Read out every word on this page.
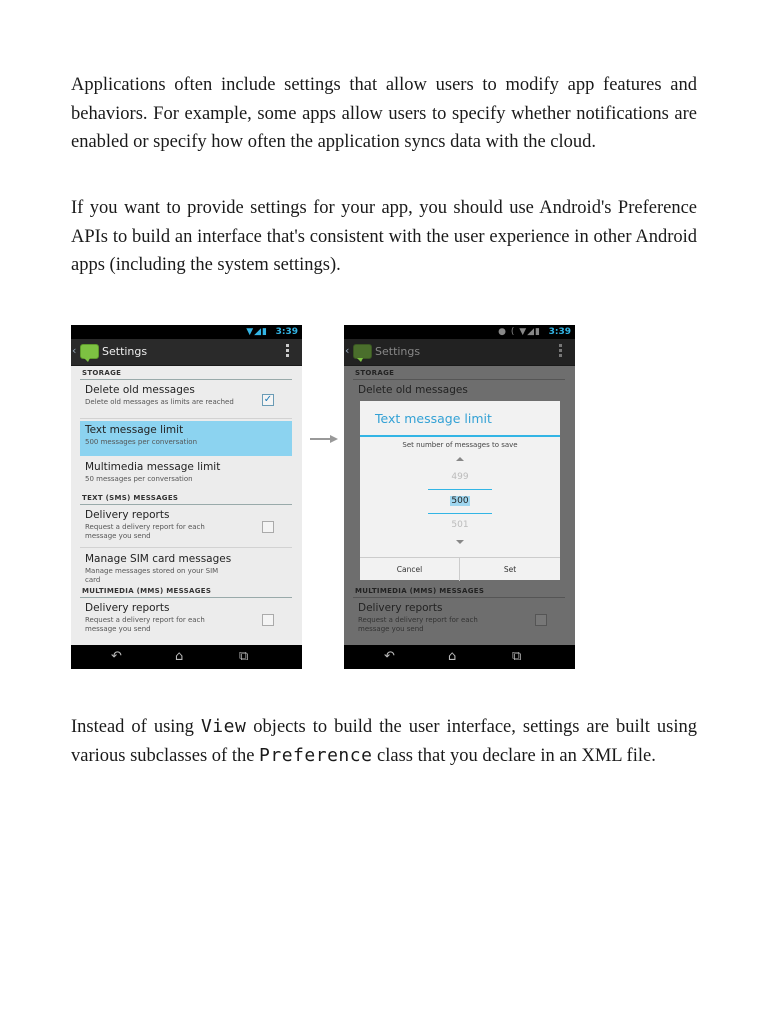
Applications often include settings that allow users to modify app features and behaviors. For example, some apps allow users to specify whether notifications are enabled or specify how often the application syncs data with the cloud.

If you want to provide settings for your app, you should use Android's Preference APIs to build an interface that's consistent with the user experience in other Android apps (including the system settings).

▼◢▮ 3:39
‹ Settings
STORAGE
Delete old messages
Delete old messages as limits are reached	✓
Text message limit
500 messages per conversation
Multimedia message limit
50 messages per conversation
TEXT (SMS) MESSAGES
Delivery reports
Request a delivery report for each message you send
Manage SIM card messages
Manage messages stored on your SIM card
MULTIMEDIA (MMS) MESSAGES
Delivery reports
Request a delivery report for each message you send
↶	⌂	⧉
● ( ▼◢▮ 3:39
‹ Settings
STORAGE
Delete old messages
MULTIMEDIA (MMS) MESSAGES
Delivery reports
Request a delivery report for each message you send
Text message limit
Set number of messages to save
499
500
501
Cancel	Set
↶	⌂	⧉

Instead of using View objects to build the user interface, settings are built using various subclasses of the Preference class that you declare in an XML file.
